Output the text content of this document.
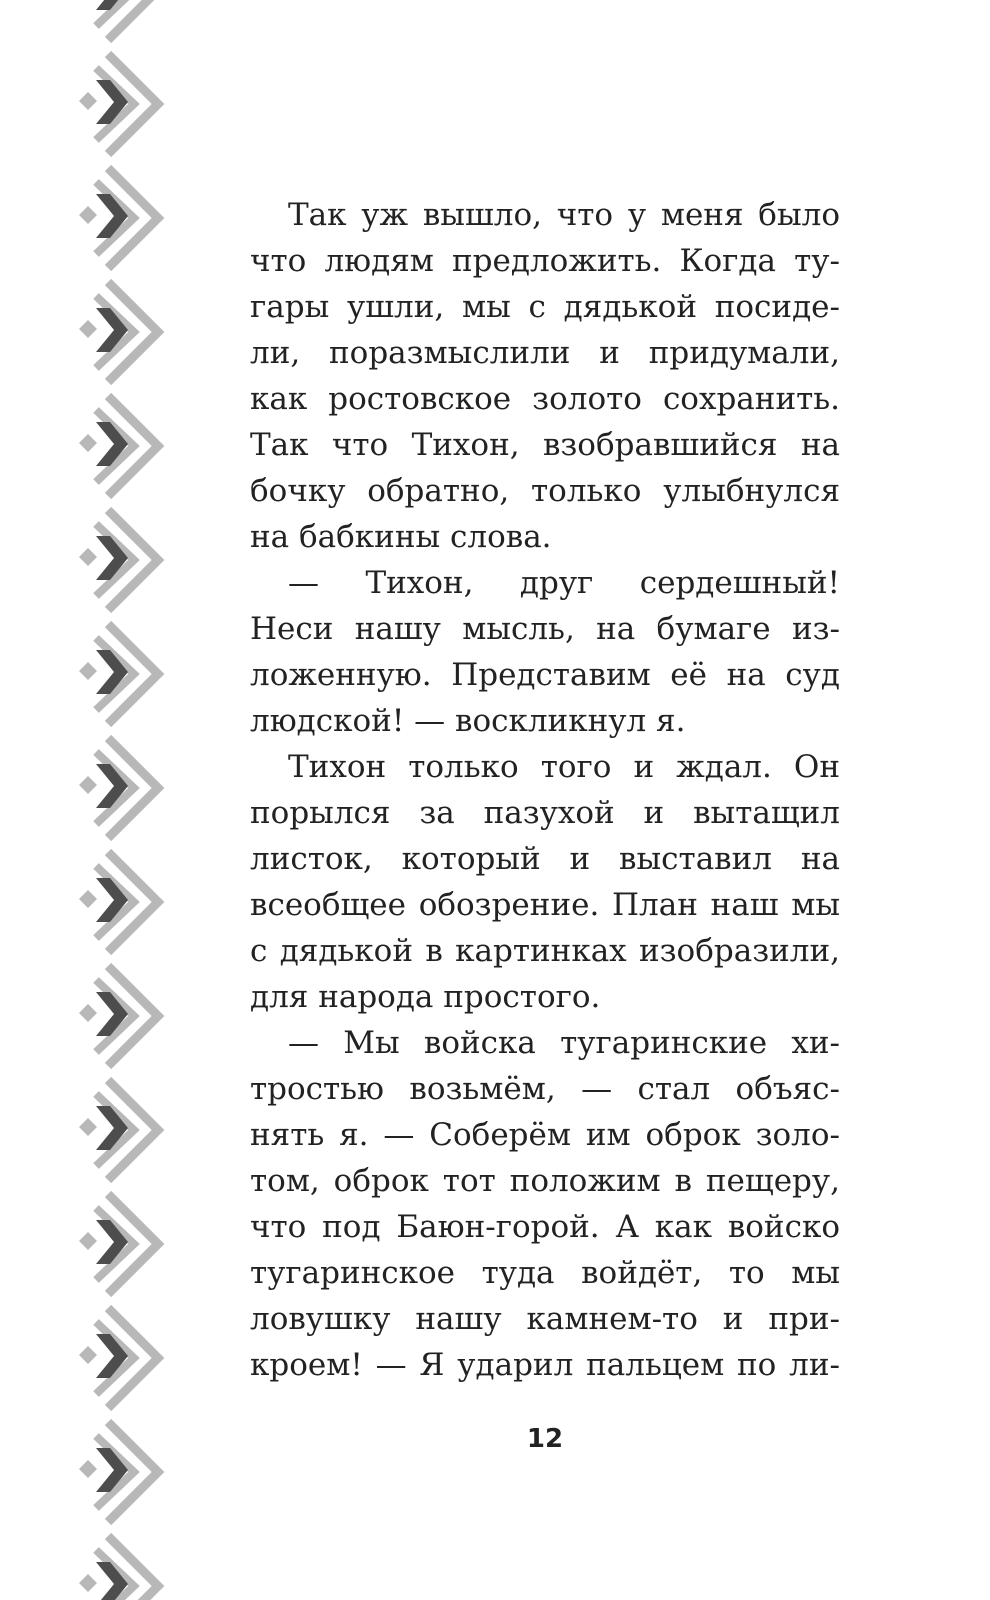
Так уж вышло, что у меня было
что людям предложить. Когда ту-
гары ушли, мы с дядькой посиде-
ли, поразмыслили и придумали,
как ростовское золото сохранить.
Так что Тихон, взобравшийся на
бочку обратно, только улыбнулся
на бабкины слова.
— Тихон, друг сердешный!
Неси нашу мысль, на бумаге из-
ложенную. Представим её на суд
людской! — воскликнул я.
Тихон только того и ждал. Он
порылся за пазухой и вытащил
листок, который и выставил на
всеобщее обозрение. План наш мы
с дядькой в картинках изобразили,
для народа простого.
— Мы войска тугаринские хи-
тростью возьмём, — стал объяс-
нять я. — Соберём им оброк золо-
том, оброк тот положим в пещеру,
что под Баюн-горой. А как войско
тугаринское туда войдёт, то мы
ловушку нашу камнем-то и при-
кроем! — Я ударил пальцем по ли-
12
